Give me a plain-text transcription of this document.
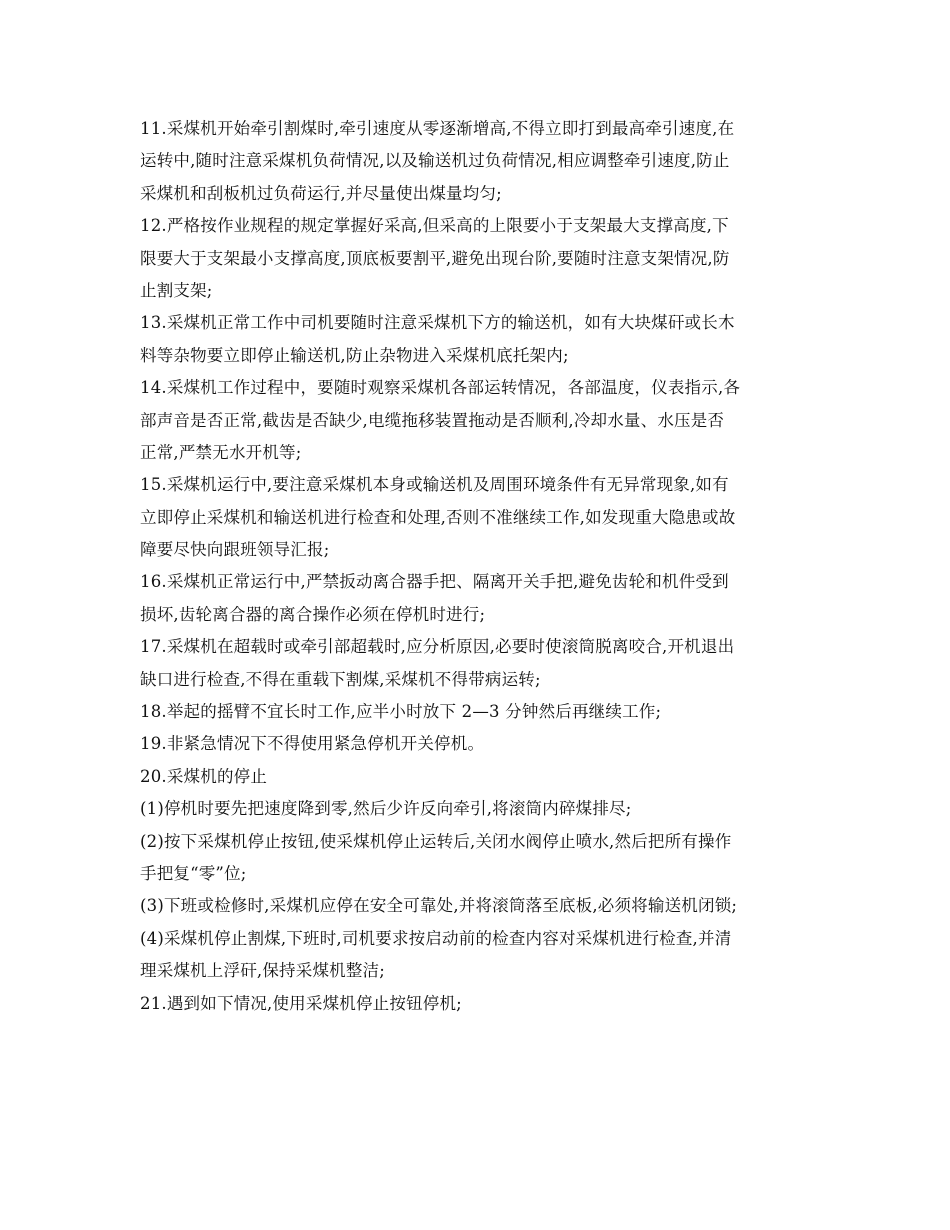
11.采煤机开始牵引割煤时,牵引速度从零逐渐增高,不得立即打到最高牵引速度,在
运转中,随时注意采煤机负荷情况,以及输送机过负荷情况,相应调整牵引速度,防止
采煤机和刮板机过负荷运行,并尽量使出煤量均匀;
12.严格按作业规程的规定掌握好采高,但采高的上限要小于支架最大支撑高度,下
限要大于支架最小支撑高度,顶底板要割平,避免出现台阶,要随时注意支架情况,防
止割支架;
13.采煤机正常工作中司机要随时注意采煤机下方的输送机，如有大块煤矸或长木
料等杂物要立即停止输送机,防止杂物进入采煤机底托架内;
14.采煤机工作过程中，要随时观察采煤机各部运转情况，各部温度，仪表指示,各
部声音是否正常,截齿是否缺少,电缆拖移装置拖动是否顺利,冷却水量、水压是否
正常,严禁无水开机等;
15.采煤机运行中,要注意采煤机本身或输送机及周围环境条件有无异常现象,如有
立即停止采煤机和输送机进行检查和处理,否则不准继续工作,如发现重大隐患或故
障要尽快向跟班领导汇报;
16.采煤机正常运行中,严禁扳动离合器手把、隔离开关手把,避免齿轮和机件受到
损坏,齿轮离合器的离合操作必须在停机时进行;
17.采煤机在超载时或牵引部超载时,应分析原因,必要时使滚筒脱离咬合,开机退出
缺口进行检查,不得在重载下割煤,采煤机不得带病运转;
18.举起的摇臂不宜长时工作,应半小时放下 2—3 分钟然后再继续工作;
19.非紧急情况下不得使用紧急停机开关停机。
20.采煤机的停止
(1)停机时要先把速度降到零,然后少许反向牵引,将滚筒内碎煤排尽;
(2)按下采煤机停止按钮,使采煤机停止运转后,关闭水阀停止喷水,然后把所有操作
手把复“零”位;
(3)下班或检修时,采煤机应停在安全可靠处,并将滚筒落至底板,必须将输送机闭锁;
(4)采煤机停止割煤,下班时,司机要求按启动前的检查内容对采煤机进行检查,并清
理采煤机上浮矸,保持采煤机整洁;
21.遇到如下情况,使用采煤机停止按钮停机;
